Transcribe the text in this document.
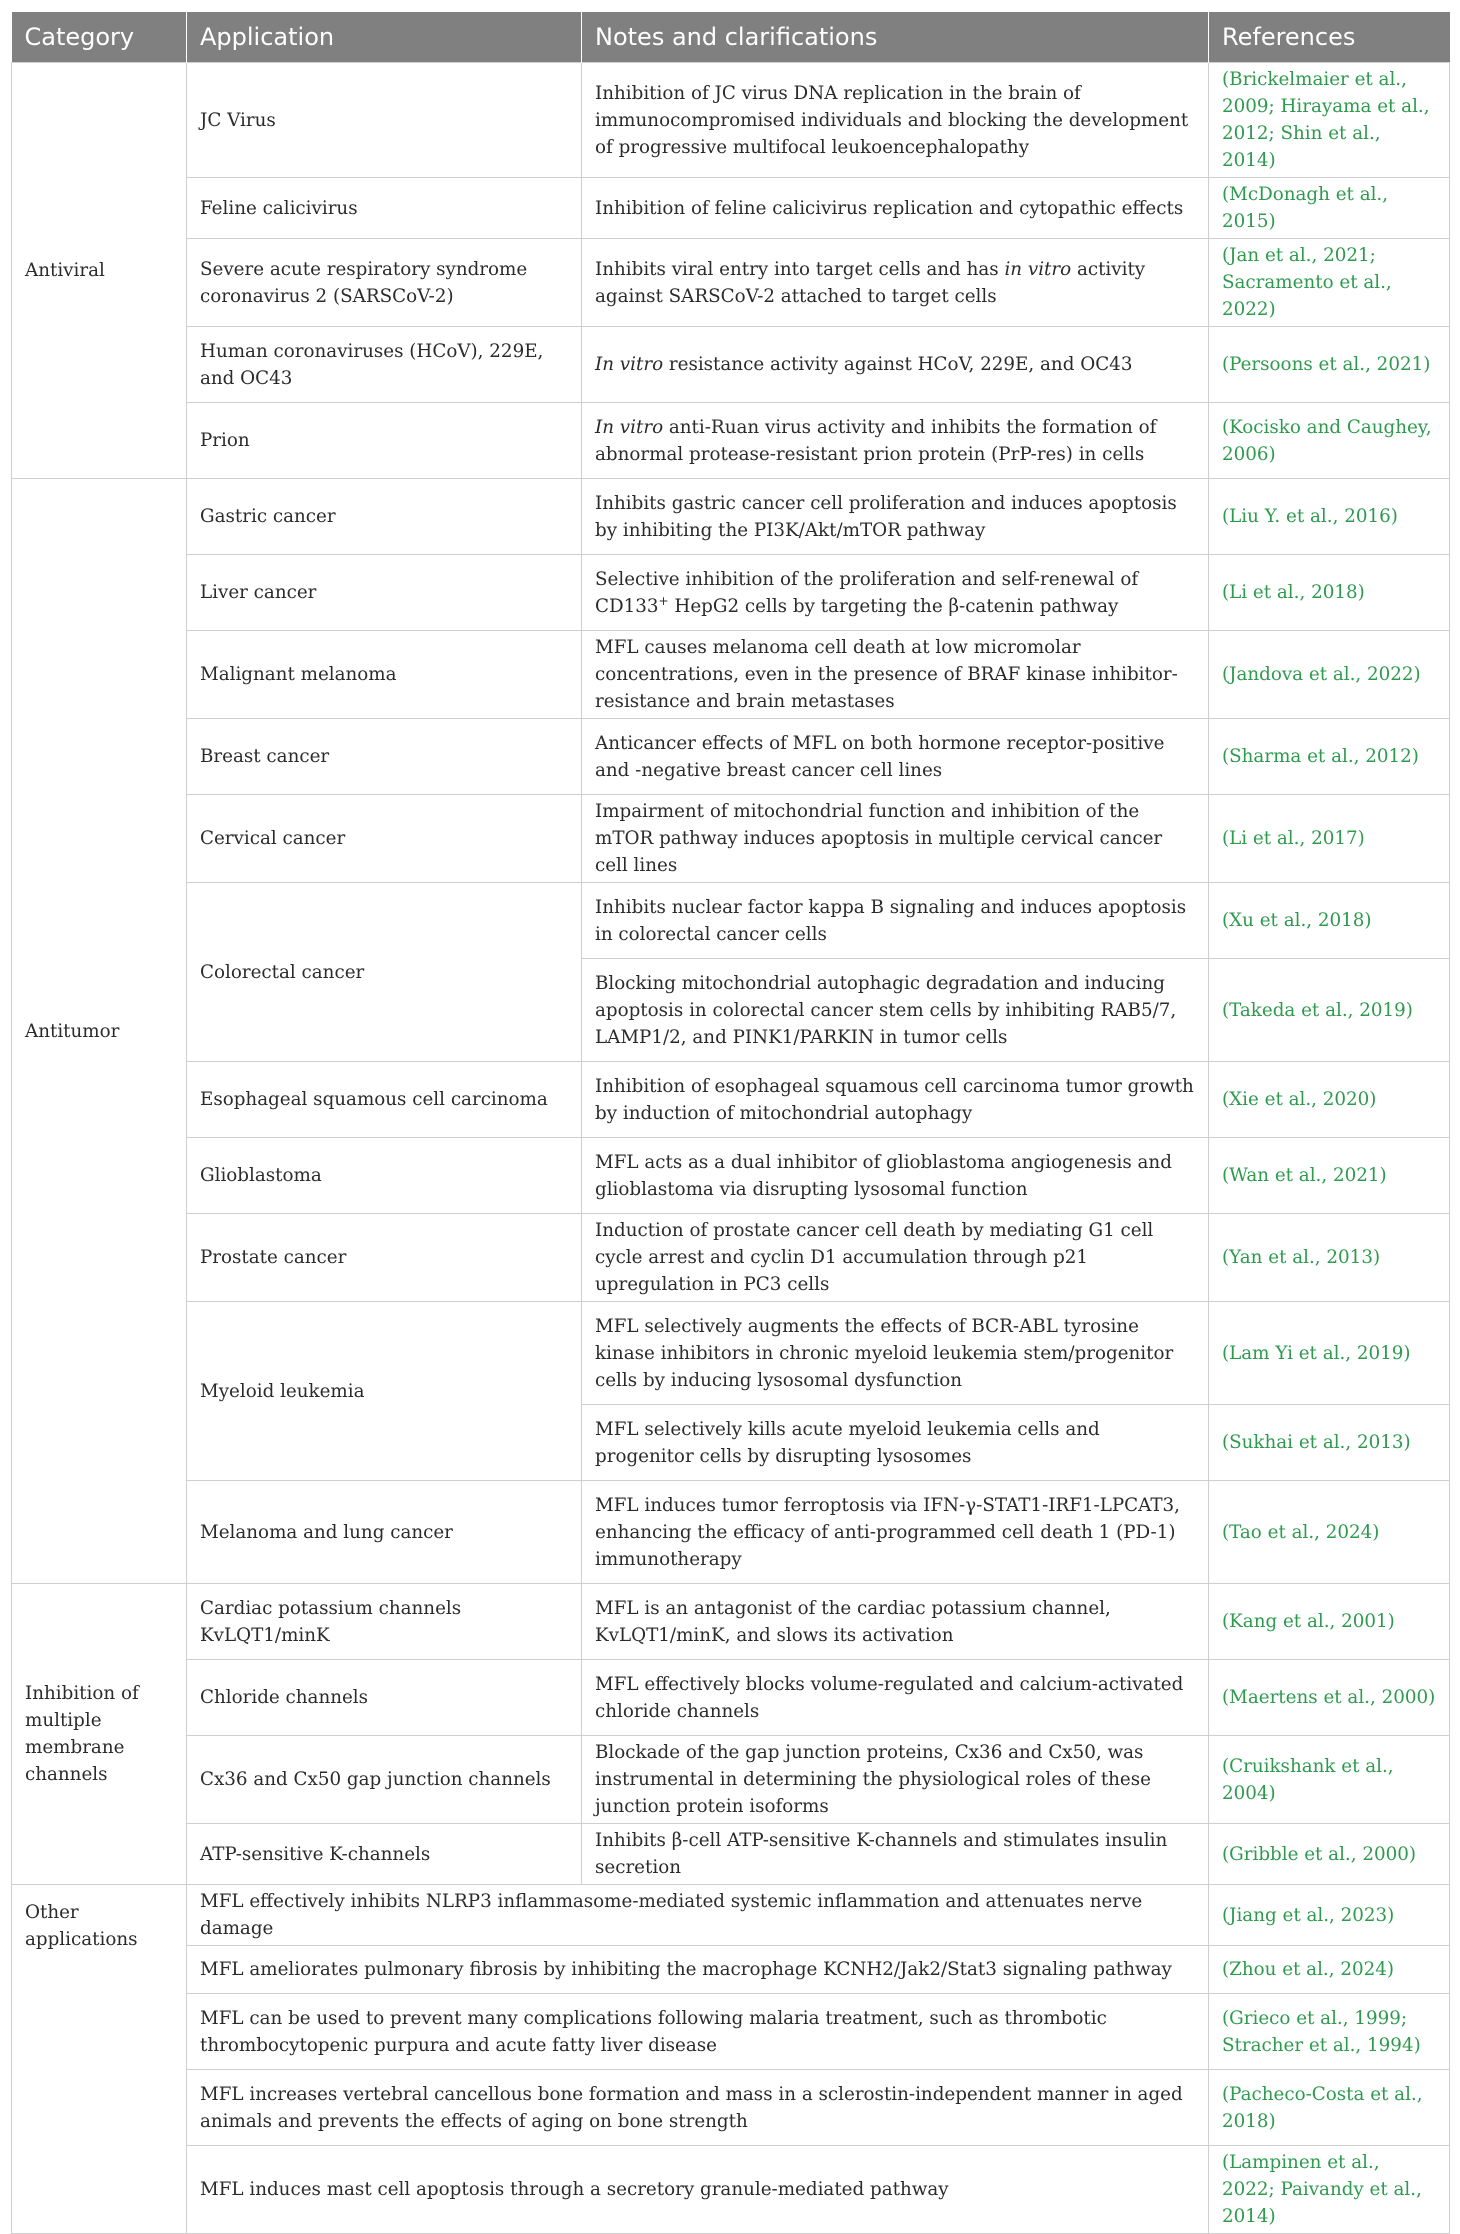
Category	Application	Notes and clarifications	References
Antiviral	JC Virus	Inhibition of JC virus DNA replication in the brain of immunocompromised individuals and blocking the development of progressive multifocal leukoencephalopathy	(Brickelmaier et al., 2009; Hirayama et al., 2012; Shin et al., 2014)
	Feline calicivirus	Inhibition of feline calicivirus replication and cytopathic effects	(McDonagh et al., 2015)
	Severe acute respiratory syndrome coronavirus 2 (SARSCoV-2)	Inhibits viral entry into target cells and has in vitro activity against SARSCoV-2 attached to target cells	(Jan et al., 2021; Sacramento et al., 2022)
	Human coronaviruses (HCoV), 229E, and OC43	In vitro resistance activity against HCoV, 229E, and OC43	(Persoons et al., 2021)
	Prion	In vitro anti-Ruan virus activity and inhibits the formation of abnormal protease-resistant prion protein (PrP-res) in cells	(Kocisko and Caughey, 2006)
Antitumor	Gastric cancer	Inhibits gastric cancer cell proliferation and induces apoptosis by inhibiting the PI3K/Akt/mTOR pathway	(Liu Y. et al., 2016)
	Liver cancer	Selective inhibition of the proliferation and self-renewal of CD133+ HepG2 cells by targeting the β-catenin pathway	(Li et al., 2018)
	Malignant melanoma	MFL causes melanoma cell death at low micromolar concentrations, even in the presence of BRAF kinase inhibitor-resistance and brain metastases	(Jandova et al., 2022)
	Breast cancer	Anticancer effects of MFL on both hormone receptor-positive and -negative breast cancer cell lines	(Sharma et al., 2012)
	Cervical cancer	Impairment of mitochondrial function and inhibition of the mTOR pathway induces apoptosis in multiple cervical cancer cell lines	(Li et al., 2017)
	Colorectal cancer	Inhibits nuclear factor kappa B signaling and induces apoptosis in colorectal cancer cells	(Xu et al., 2018)
		Blocking mitochondrial autophagic degradation and inducing apoptosis in colorectal cancer stem cells by inhibiting RAB5/7, LAMP1/2, and PINK1/PARKIN in tumor cells	(Takeda et al., 2019)
	Esophageal squamous cell carcinoma	Inhibition of esophageal squamous cell carcinoma tumor growth by induction of mitochondrial autophagy	(Xie et al., 2020)
	Glioblastoma	MFL acts as a dual inhibitor of glioblastoma angiogenesis and glioblastoma via disrupting lysosomal function	(Wan et al., 2021)
	Prostate cancer	Induction of prostate cancer cell death by mediating G1 cell cycle arrest and cyclin D1 accumulation through p21 upregulation in PC3 cells	(Yan et al., 2013)
	Myeloid leukemia	MFL selectively augments the effects of BCR-ABL tyrosine kinase inhibitors in chronic myeloid leukemia stem/progenitor cells by inducing lysosomal dysfunction	(Lam Yi et al., 2019)
		MFL selectively kills acute myeloid leukemia cells and progenitor cells by disrupting lysosomes	(Sukhai et al., 2013)
	Melanoma and lung cancer	MFL induces tumor ferroptosis via IFN-γ-STAT1-IRF1-LPCAT3, enhancing the efficacy of anti-programmed cell death 1 (PD-1) immunotherapy	(Tao et al., 2024)
Inhibition of multiple membrane channels	Cardiac potassium channels KvLQT1/minK	MFL is an antagonist of the cardiac potassium channel, KvLQT1/minK, and slows its activation	(Kang et al., 2001)
	Chloride channels	MFL effectively blocks volume-regulated and calcium-activated chloride channels	(Maertens et al., 2000)
	Cx36 and Cx50 gap junction channels	Blockade of the gap junction proteins, Cx36 and Cx50, was instrumental in determining the physiological roles of these junction protein isoforms	(Cruikshank et al., 2004)
	ATP-sensitive K-channels	Inhibits β-cell ATP-sensitive K-channels and stimulates insulin secretion	(Gribble et al., 2000)
Other applications	MFL effectively inhibits NLRP3 inflammasome-mediated systemic inflammation and attenuates nerve damage		(Jiang et al., 2023)
	MFL ameliorates pulmonary fibrosis by inhibiting the macrophage KCNH2/Jak2/Stat3 signaling pathway		(Zhou et al., 2024)
	MFL can be used to prevent many complications following malaria treatment, such as thrombotic thrombocytopenic purpura and acute fatty liver disease		(Grieco et al., 1999; Stracher et al., 1994)
	MFL increases vertebral cancellous bone formation and mass in a sclerostin-independent manner in aged animals and prevents the effects of aging on bone strength		(Pacheco-Costa et al., 2018)
	MFL induces mast cell apoptosis through a secretory granule-mediated pathway		(Lampinen et al., 2022; Paivandy et al., 2014)
